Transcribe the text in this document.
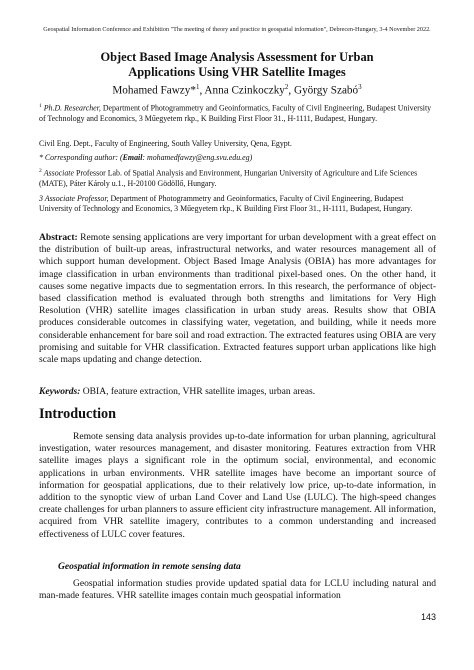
Geospatial Information Conference and Exhibition "The meeting of theory and practice in geospatial information", Debrecen-Hungary, 3-4 November 2022.
Object Based Image Analysis Assessment for Urban
Applications Using VHR Satellite Images
Mohamed Fawzy*$^1$, Anna Czinkoczky$^2$, György Szabó$^3$
$^1$ Ph.D. Researcher, Department of Photogrammetry and Geoinformatics, Faculty of Civil Engineering, Budapest University of Technology and Economics, 3 Műegyetem rkp., K Building First Floor 31., H-1111, Budapest, Hungary.
Civil Eng. Dept., Faculty of Engineering, South Valley University, Qena, Egypt.
* Corresponding author: (Email: mohamedfawzy@eng.svu.edu.eg)
$^2$ Associate Professor Lab. of Spatial Analysis and Environment, Hungarian University of Agriculture and Life Sciences (MATE), Páter Károly u.1., H-20100 Gödöllő, Hungary.
3 Associate Professor, Department of Photogrammetry and Geoinformatics, Faculty of Civil Engineering, Budapest University of Technology and Economics, 3 Műegyetem rkp., K Building First Floor 31., H-1111, Budapest, Hungary.
Abstract: Remote sensing applications are very important for urban development with a great effect on the distribution of built-up areas, infrastructural networks, and water resources management all of which support human development. Object Based Image Analysis (OBIA) has more advantages for image classification in urban environments than traditional pixel-based ones. On the other hand, it causes some negative impacts due to segmentation errors. In this research, the performance of object-based classification method is evaluated through both strengths and limitations for Very High Resolution (VHR) satellite images classification in urban study areas. Results show that OBIA produces considerable outcomes in classifying water, vegetation, and building, while it needs more considerable enhancement for bare soil and road extraction. The extracted features using OBIA are very promising and suitable for VHR classification. Extracted features support urban applications like high scale maps updating and change detection.
Keywords: OBIA, feature extraction, VHR satellite images, urban areas.
Introduction
Remote sensing data analysis provides up-to-date information for urban planning, agricultural investigation, water resources management, and disaster monitoring. Features extraction from VHR satellite images plays a significant role in the optimum social, environmental, and economic applications in urban environments. VHR satellite images have become an important source of information for geospatial applications, due to their relatively low price, up-to-date information, in addition to the synoptic view of urban Land Cover and Land Use (LULC). The high-speed changes create challenges for urban planners to assure efficient city infrastructure management. All information, acquired from VHR satellite imagery, contributes to a common understanding and increased effectiveness of LULC cover features.
Geospatial information in remote sensing data
Geospatial information studies provide updated spatial data for LCLU including natural and man-made features. VHR satellite images contain much geospatial information
143
